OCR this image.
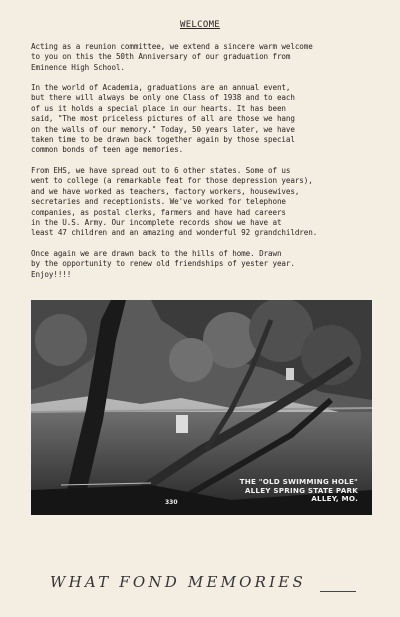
WELCOME
Acting as a reunion committee, we extend a sincere warm welcome
to you on this the 50th Anniversary of our graduation from
Eminence High School.
In the world of Academia, graduations are an annual event,
but there will always be only one Class of 1938 and to each
of us it holds a special place in our hearts. It has been
said, "The most priceless pictures of all are those we hang
on the walls of our memory." Today, 50 years later, we have
taken time to be drawn back together again by those special
common bonds of teen age memories.
From EHS, we have spread out to 6 other states. Some of us
went to college (a remarkable feat for those depression years),
and we have worked as teachers, factory workers, housewives,
secretaries and receptionists. We've worked for telephone
companies, as postal clerks, farmers and have had careers
in the U.S. Army. Our incomplete records show we have at
least 47 children and an amazing and wonderful 92 grandchildren.
Once again we are drawn back to the hills of home. Drawn
by the opportunity to renew old friendships of yester year.
Enjoy!!!!
THE "OLD SWIMMING HOLE"
ALLEY SPRING STATE PARK
ALLEY, MO.
330
WHAT FOND MEMORIES
